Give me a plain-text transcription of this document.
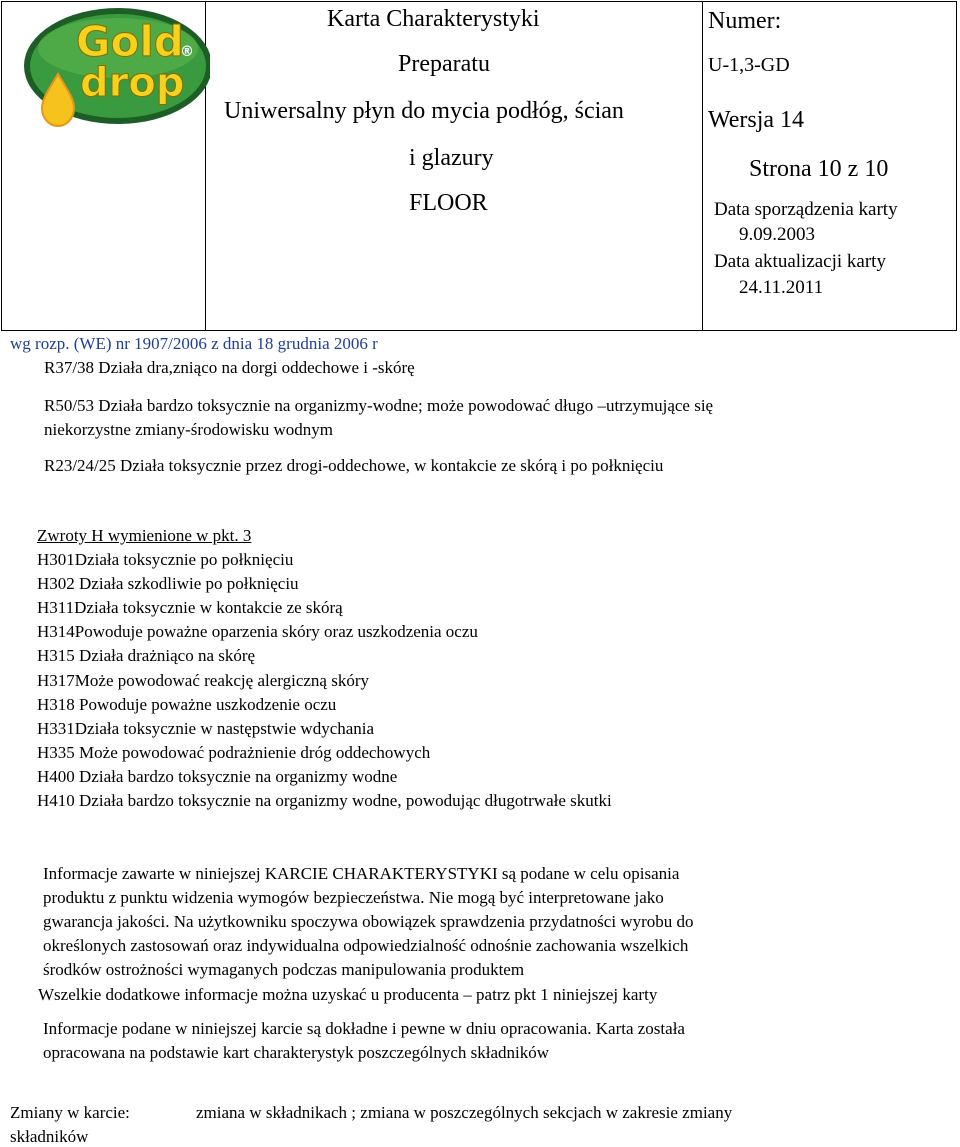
Gold
drop
®
Karta Charakterystyki
Preparatu
Uniwersalny płyn do mycia podłóg, ścian
i glazury
FLOOR
Numer:
U-1,3-GD
Wersja 14
Strona 10 z 10
Data sporządzenia karty
9.09.2003
Data aktualizacji karty
24.11.2011
wg rozp. (WE) nr 1907/2006 z dnia 18 grudnia 2006 r
R37/38 Działa dra,zniąco na dorgi oddechowe i -skórę
R50/53 Działa bardzo toksycznie na organizmy-wodne; może powodować długo –utrzymujące się
niekorzystne zmiany-środowisku wodnym
R23/24/25 Działa toksycznie przez drogi-oddechowe, w kontakcie ze skórą i po połknięciu
Zwroty H wymienione w pkt. 3
H301Działa toksycznie po połknięciu
H302 Działa szkodliwie po połknięciu
H311Działa toksycznie w kontakcie ze skórą
H314Powoduje poważne oparzenia skóry oraz uszkodzenia oczu
H315 Działa drażniąco na skórę
H317Może powodować reakcję alergiczną skóry
H318 Powoduje poważne uszkodzenie oczu
H331Działa toksycznie w następstwie wdychania
H335 Może powodować podrażnienie dróg oddechowych
H400 Działa bardzo toksycznie na organizmy wodne
H410 Działa bardzo toksycznie na organizmy wodne, powodując długotrwałe skutki
Informacje zawarte w niniejszej KARCIE CHARAKTERYSTYKI są podane w celu opisania
produktu z punktu widzenia wymogów bezpieczeństwa. Nie mogą być interpretowane jako
gwarancja jakości. Na użytkowniku spoczywa obowiązek sprawdzenia przydatności wyrobu do
określonych zastosowań oraz indywidualna odpowiedzialność odnośnie zachowania wszelkich
środków ostrożności wymaganych podczas manipulowania produktem
Wszelkie dodatkowe informacje można uzyskać u producenta – patrz pkt 1 niniejszej karty
Informacje podane w niniejszej karcie są dokładne i pewne w dniu opracowania. Karta została
opracowana na podstawie kart charakterystyk poszczególnych składników
Zmiany w karcie:	zmiana w składnikach ; zmiana w poszczególnych sekcjach w zakresie zmiany
składników
